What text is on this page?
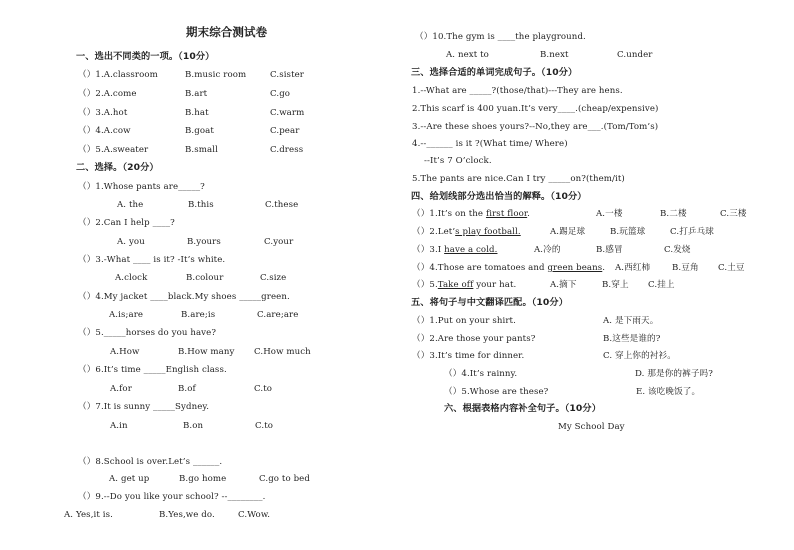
期末综合测试卷
一、选出不同类的一项。（10分）
（）1.A.classroom	B.music room	C.sister
（）2.A.come	B.art	C.go
（）3.A.hot	B.hat	C.warm
（）4.A.cow	B.goat	C.pear
（）5.A.sweater	B.small	C.dress
二、选择。（20分）
（）1.Whose pants are_____?
A. the	B.this	C.these
（）2.Can I help ____?
A. you	B.yours	C.your
（）3.-What ____ is it? -It’s white.
A.clock	B.colour	C.size
（）4.My jacket ____black.My shoes _____green.
A.is;are	B.are;is	C.are;are
（）5._____horses do you have?
A.How	B.How many C.How much
（）6.It’s time _____English class.
A.for	B.of	C.to
（）7.It is sunny _____Sydney.
A.in	B.on	C.to
（）8.School is over.Let’s ______.
A. get up	B.go home	C.go to bed
（）9.--Do you like your school? --________.
A. Yes,it is.	B.Yes,we do.	C.Wow.
（）10.The gym is ____the playground.
A. next to	B.next	C.under
三、选择合适的单词完成句子。（10分）
1.--What are _____?(those/that)---They are hens.
2.This scarf is 400 yuan.It’s very____.(cheap/expensive)
3.--Are these shoes yours?--No,they are___.(Tom/Tom’s)
4.--______ is it ?(What time/ Where)
--It’s 7 O’clock.
5.The pants are nice.Can I try _____on?(them/it)
四、给划线部分选出恰当的解释。（10分）
（）1.It’s on the first floor.	A.一楼	B.二楼	C.三楼
（）2.Let’s play football.	A.踢足球	B.玩篮球	C.打乒乓球
（）3.I have a cold.	A.冷的	B.感冒	C.发烧
（）4.Those are tomatoes and green beans. A.西红柿	B.豆角 C.土豆
（）5.Take off your hat.	A.摘下	B.穿上 C.挂上
五、将句子与中文翻译匹配。（10分）
（）1.Put on your shirt.	A. 是下雨天。
（）2.Are those your pants?	B.这些是谁的?
（）3.It’s time for dinner.	C. 穿上你的衬衫。
（）4.It’s rainny.	D. 那是你的裤子吗?
（）5.Whose are these?	E. 该吃晚饭了。
六、根据表格内容补全句子。（10分）
My School Day
